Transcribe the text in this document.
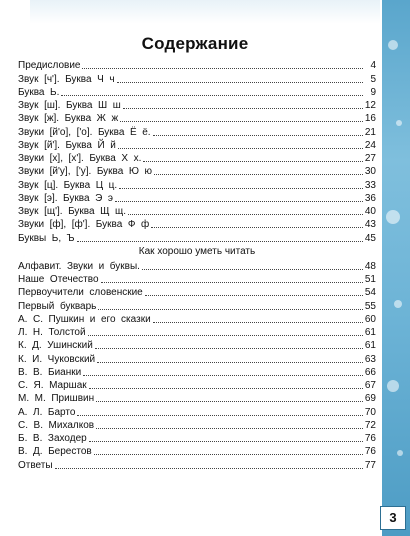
Содержание
Предисловие	4
Звук  [ч'].  Буква  Ч  ч	5
Буква  Ь.	9
Звук  [ш].  Буква  Ш  ш	12
Звук  [ж].  Буква  Ж  ж	16
Звуки  [й'о],  ['о].  Буква  Ё  ё.	21
Звук  [й'].  Буква  Й  й	24
Звуки  [х],  [х'].  Буква  Х  х.	27
Звуки  [й'у],  ['у].  Буква  Ю  ю	30
Звук  [ц].  Буква  Ц  ц.	33
Звук  [э].  Буква  Э  э	36
Звук  [щ'].  Буква  Щ  щ.	40
Звуки  [ф],  [ф'].  Буква  Ф  ф	43
Буквы  Ь,  Ъ	45
Как хорошо уметь читать
Алфавит.  Звуки  и  буквы.	48
Наше  Отечество	51
Первоучители  словенские	54
Первый  букварь	55
А.  С.  Пушкин  и  его  сказки	60
Л.  Н.  Толстой	61
К.  Д.  Ушинский	61
К.  И.  Чуковский	63
В.  В.  Бианки	66
С.  Я.  Маршак	67
М.  М.  Пришвин	69
А.  Л.  Барто	70
С.  В.  Михалков	72
Б.  В.  Заходер	76
В.  Д.  Берестов	76
Ответы	77
3
